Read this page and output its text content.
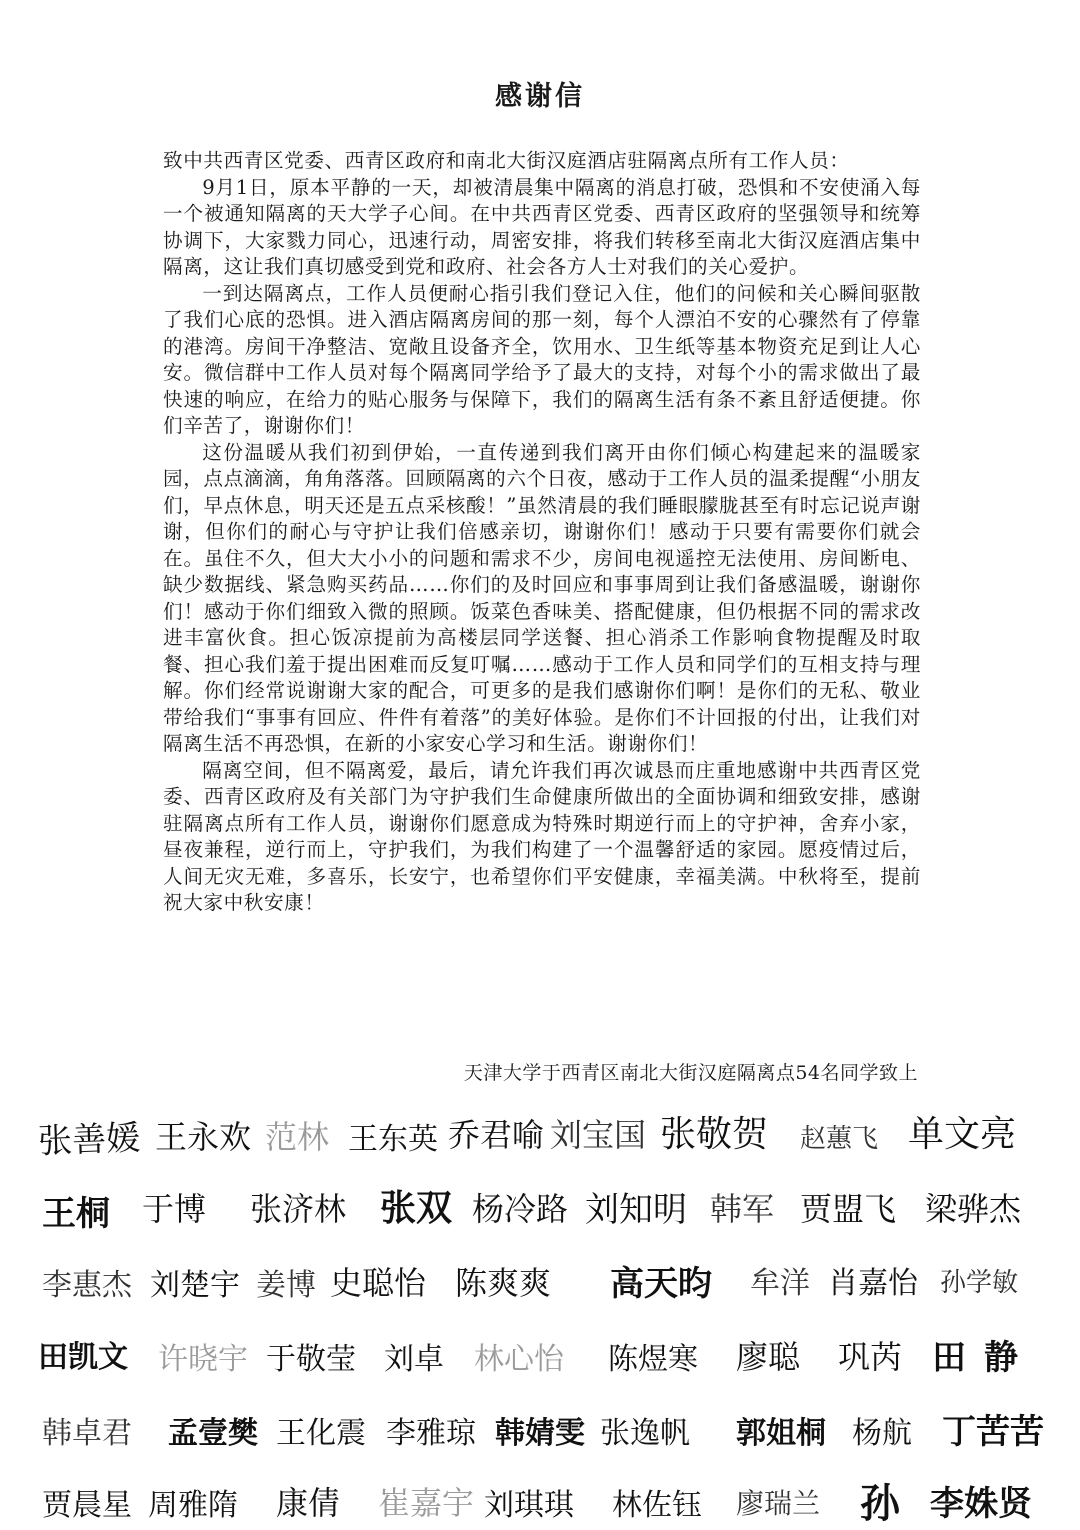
感谢信

致中共西青区党委、西青区政府和南北大街汉庭酒店驻隔离点所有工作人员：

9月1日，原本平静的一天，却被清晨集中隔离的消息打破，恐惧和不安使涌入每一个被通知隔离的天大学子心间。在中共西青区党委、西青区政府的坚强领导和统筹协调下，大家戮力同心，迅速行动，周密安排，将我们转移至南北大街汉庭酒店集中隔离，这让我们真切感受到党和政府、社会各方人士对我们的关心爱护。

一到达隔离点，工作人员便耐心指引我们登记入住，他们的问候和关心瞬间驱散了我们心底的恐惧。进入酒店隔离房间的那一刻，每个人漂泊不安的心骤然有了停靠的港湾。房间干净整洁、宽敞且设备齐全，饮用水、卫生纸等基本物资充足到让人心安。微信群中工作人员对每个隔离同学给予了最大的支持，对每个小的需求做出了最快速的响应，在给力的贴心服务与保障下，我们的隔离生活有条不紊且舒适便捷。你们辛苦了，谢谢你们！

这份温暖从我们初到伊始，一直传递到我们离开由你们倾心构建起来的温暖家园，点点滴滴，角角落落。回顾隔离的六个日夜，感动于工作人员的温柔提醒“小朋友们，早点休息，明天还是五点采核酸！”虽然清晨的我们睡眼朦胧甚至有时忘记说声谢谢，但你们的耐心与守护让我们倍感亲切，谢谢你们！感动于只要有需要你们就会在。虽住不久，但大大小小的问题和需求不少，房间电视遥控无法使用、房间断电、缺少数据线、紧急购买药品……你们的及时回应和事事周到让我们备感温暖，谢谢你们！感动于你们细致入微的照顾。饭菜色香味美、搭配健康，但仍根据不同的需求改进丰富伙食。担心饭凉提前为高楼层同学送餐、担心消杀工作影响食物提醒及时取餐、担心我们羞于提出困难而反复叮嘱……感动于工作人员和同学们的互相支持与理解。你们经常说谢谢大家的配合，可更多的是我们感谢你们啊！是你们的无私、敬业带给我们“事事有回应、件件有着落”的美好体验。是你们不计回报的付出，让我们对隔离生活不再恐惧，在新的小家安心学习和生活。谢谢你们！

隔离空间，但不隔离爱，最后，请允许我们再次诚恳而庄重地感谢中共西青区党委、西青区政府及有关部门为守护我们生命健康所做出的全面协调和细致安排，感谢驻隔离点所有工作人员，谢谢你们愿意成为特殊时期逆行而上的守护神，舍弃小家，昼夜兼程，逆行而上，守护我们，为我们构建了一个温馨舒适的家园。愿疫情过后，人间无灾无难，多喜乐，长安宁，也希望你们平安健康，幸福美满。中秋将至，提前祝大家中秋安康！

天津大学于西青区南北大街汉庭隔离点54名同学致上
张善媛 王永欢 范林 王东英 乔君喻 刘宝国 张敬贺 赵蕙飞 单文亮
王桐 于博 张济林 张双 杨冷路 刘知明 韩军 贾盟飞 梁骅杰
李惠杰 刘楚宇 姜博 史聪怡 陈爽爽 高天昀 牟洋 肖嘉怡 孙学敏
田凯文 许晓宇 于敬莹 刘卓 林心怡 陈煜寒 廖聪 巩芮 田静
韩卓君 孟壹樊 王化震 李雅琼 韩婧雯 张逸帆 郭姐桐 杨航 丁苦苦
贾晨星 周雅隋 康倩 崔嘉宇 刘琪琪 林佐钰 廖瑞兰 孙 李姝贤
